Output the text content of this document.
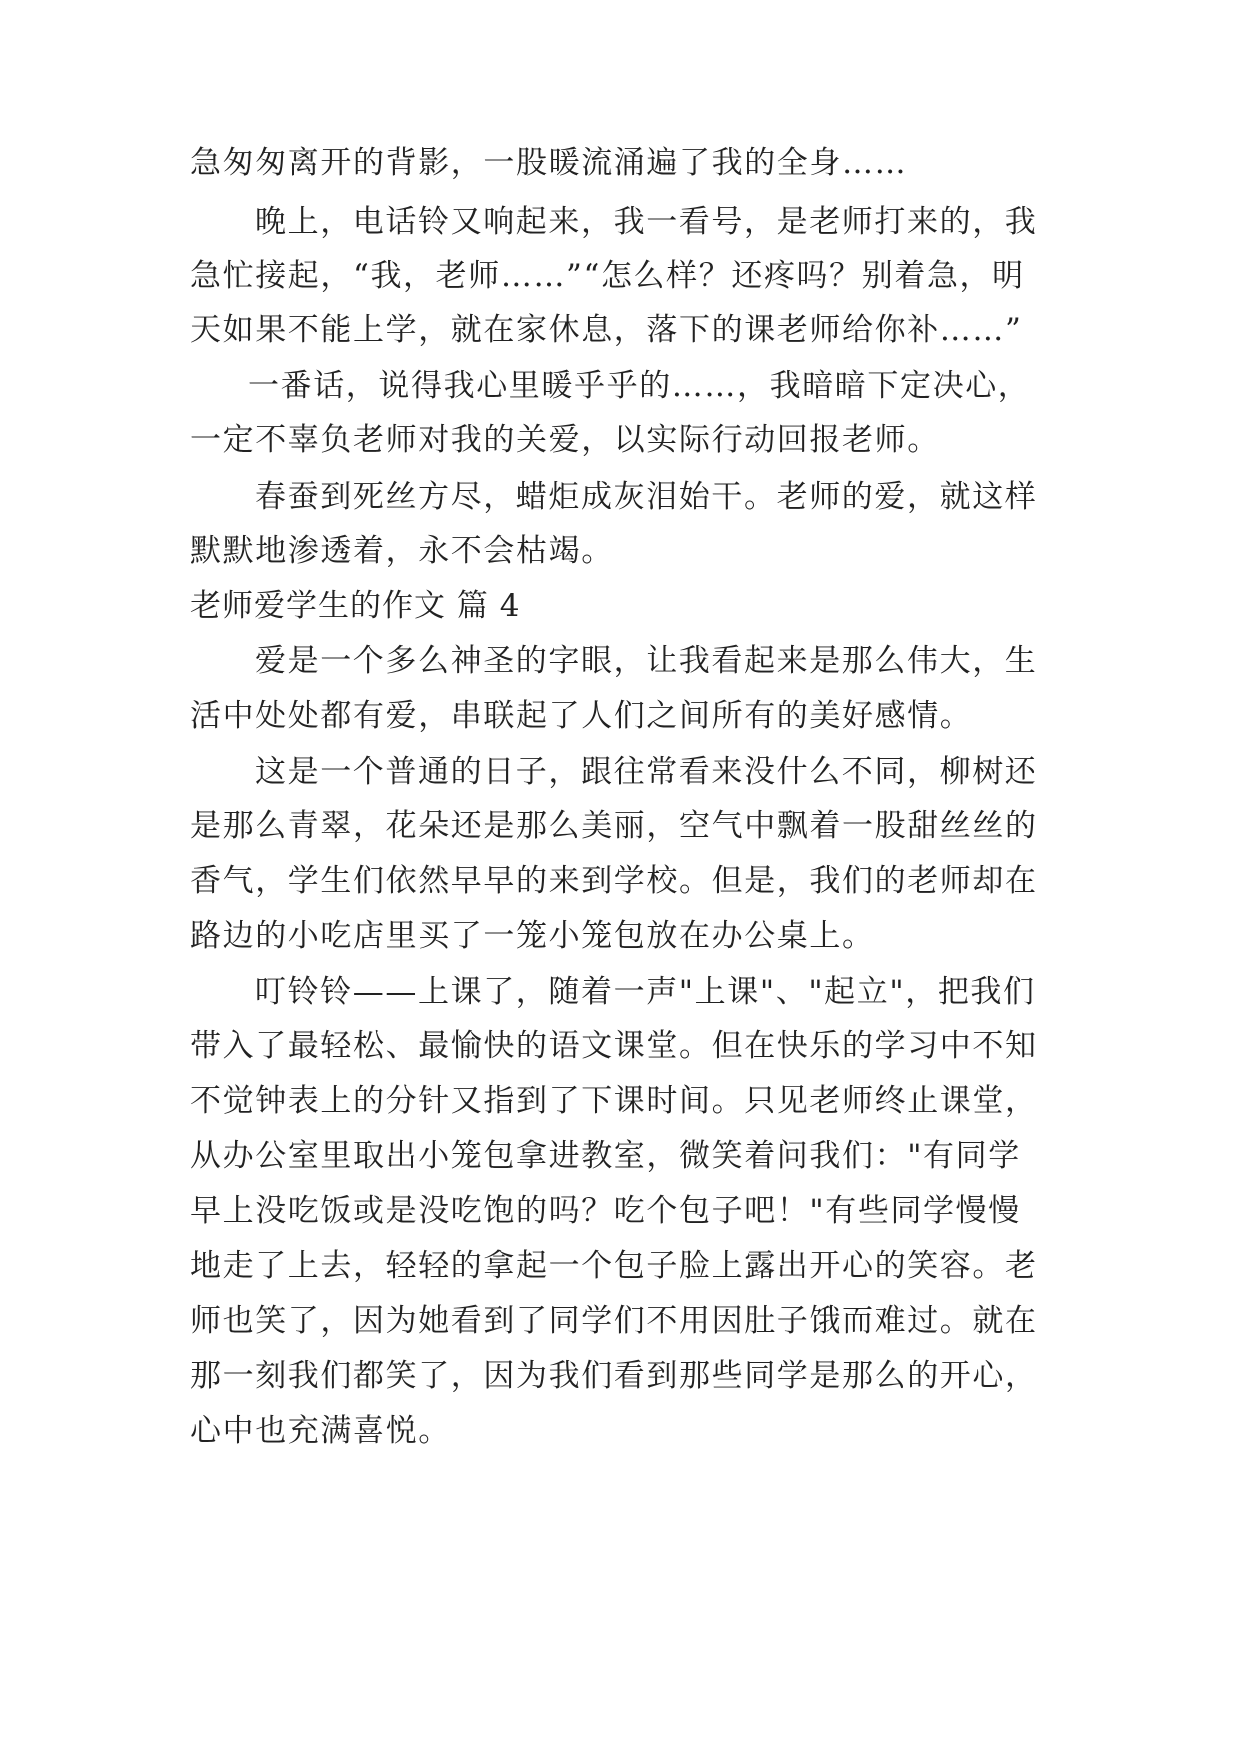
急匆匆离开的背影，一股暖流涌遍了我的全身……
晚上，电话铃又响起来，我一看号，是老师打来的，我
急忙接起，“我，老师……”“怎么样？还疼吗？别着急，明
天如果不能上学，就在家休息，落下的课老师给你补……”
一番话，说得我心里暖乎乎的……，我暗暗下定决心，
一定不辜负老师对我的关爱，以实际行动回报老师。
春蚕到死丝方尽，蜡炬成灰泪始干。老师的爱，就这样
默默地渗透着，永不会枯竭。
老师爱学生的作文 篇 4
爱是一个多么神圣的字眼，让我看起来是那么伟大，生
活中处处都有爱，串联起了人们之间所有的美好感情。
这是一个普通的日子，跟往常看来没什么不同，柳树还
是那么青翠，花朵还是那么美丽，空气中飘着一股甜丝丝的
香气，学生们依然早早的来到学校。但是，我们的老师却在
路边的小吃店里买了一笼小笼包放在办公桌上。
叮铃铃——上课了，随着一声"上课"、"起立"，把我们
带入了最轻松、最愉快的语文课堂。但在快乐的学习中不知
不觉钟表上的分针又指到了下课时间。只见老师终止课堂，
从办公室里取出小笼包拿进教室，微笑着问我们："有同学
早上没吃饭或是没吃饱的吗？吃个包子吧！"有些同学慢慢
地走了上去，轻轻的拿起一个包子脸上露出开心的笑容。老
师也笑了，因为她看到了同学们不用因肚子饿而难过。就在
那一刻我们都笑了，因为我们看到那些同学是那么的开心，
心中也充满喜悦。
